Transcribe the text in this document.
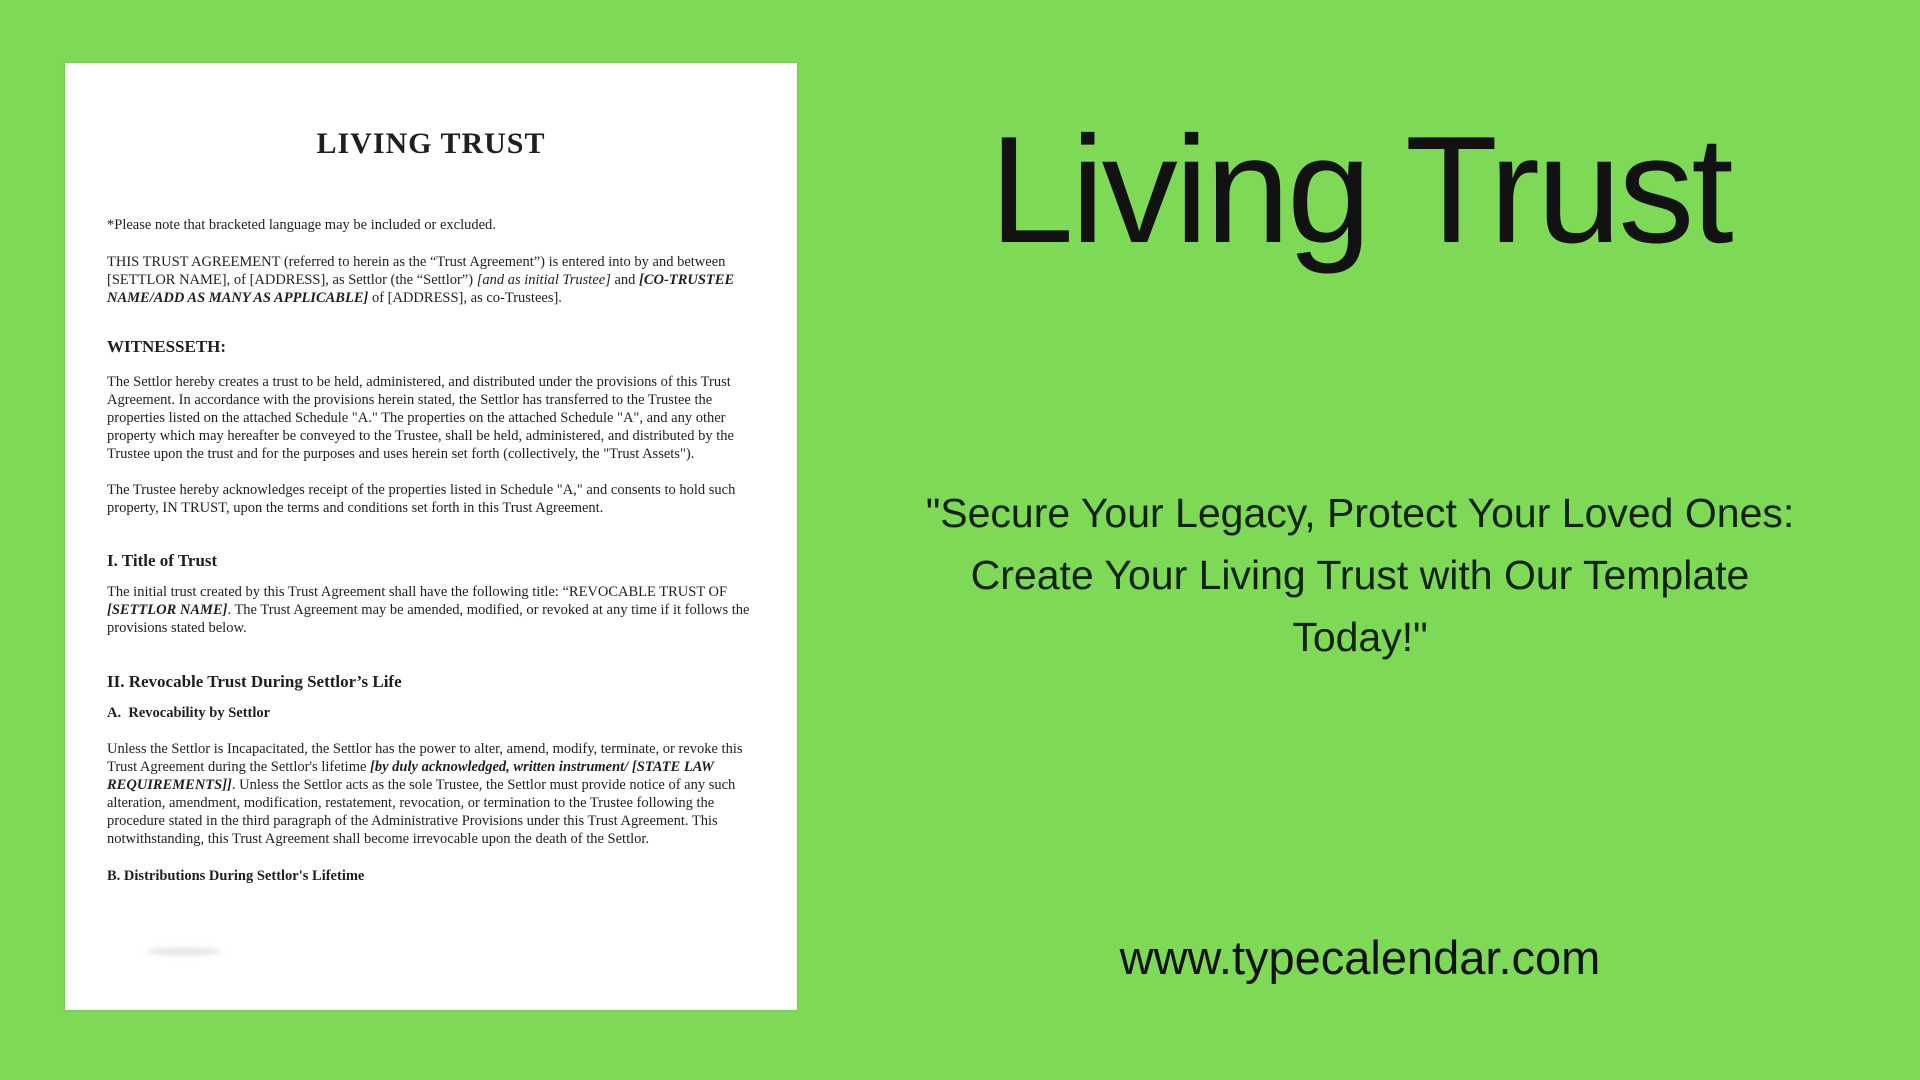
LIVING TRUST

*Please note that bracketed language may be included or excluded.

THIS TRUST AGREEMENT (referred to herein as the “Trust Agreement”) is entered into by and between [SETTLOR NAME], of [ADDRESS], as Settlor (the “Settlor”) [and as initial Trustee] and [CO-TRUSTEE NAME/ADD AS MANY AS APPLICABLE] of [ADDRESS], as co-Trustees].

WITNESSETH:

The Settlor hereby creates a trust to be held, administered, and distributed under the provisions of this Trust Agreement. In accordance with the provisions herein stated, the Settlor has transferred to the Trustee the properties listed on the attached Schedule "A." The properties on the attached Schedule "A", and any other property which may hereafter be conveyed to the Trustee, shall be held, administered, and distributed by the Trustee upon the trust and for the purposes and uses herein set forth (collectively, the "Trust Assets").

The Trustee hereby acknowledges receipt of the properties listed in Schedule "A," and consents to hold such property, IN TRUST, upon the terms and conditions set forth in this Trust Agreement.

I. Title of Trust

The initial trust created by this Trust Agreement shall have the following title: “REVOCABLE TRUST OF [SETTLOR NAME]. The Trust Agreement may be amended, modified, or revoked at any time if it follows the provisions stated below.

II. Revocable Trust During Settlor’s Life
A.  Revocability by Settlor

Unless the Settlor is Incapacitated, the Settlor has the power to alter, amend, modify, terminate, or revoke this Trust Agreement during the Settlor's lifetime [by duly acknowledged, written instrument/ [STATE LAW REQUIREMENTS]]. Unless the Settlor acts as the sole Trustee, the Settlor must provide notice of any such alteration, amendment, modification, restatement, revocation, or termination to the Trustee following the procedure stated in the third paragraph of the Administrative Provisions under this Trust Agreement. This notwithstanding, this Trust Agreement shall become irrevocable upon the death of the Settlor.

B. Distributions During Settlor's Lifetime
Living Trust
"Secure Your Legacy, Protect Your Loved Ones:
Create Your Living Trust with Our Template
Today!"
www.typecalendar.com
